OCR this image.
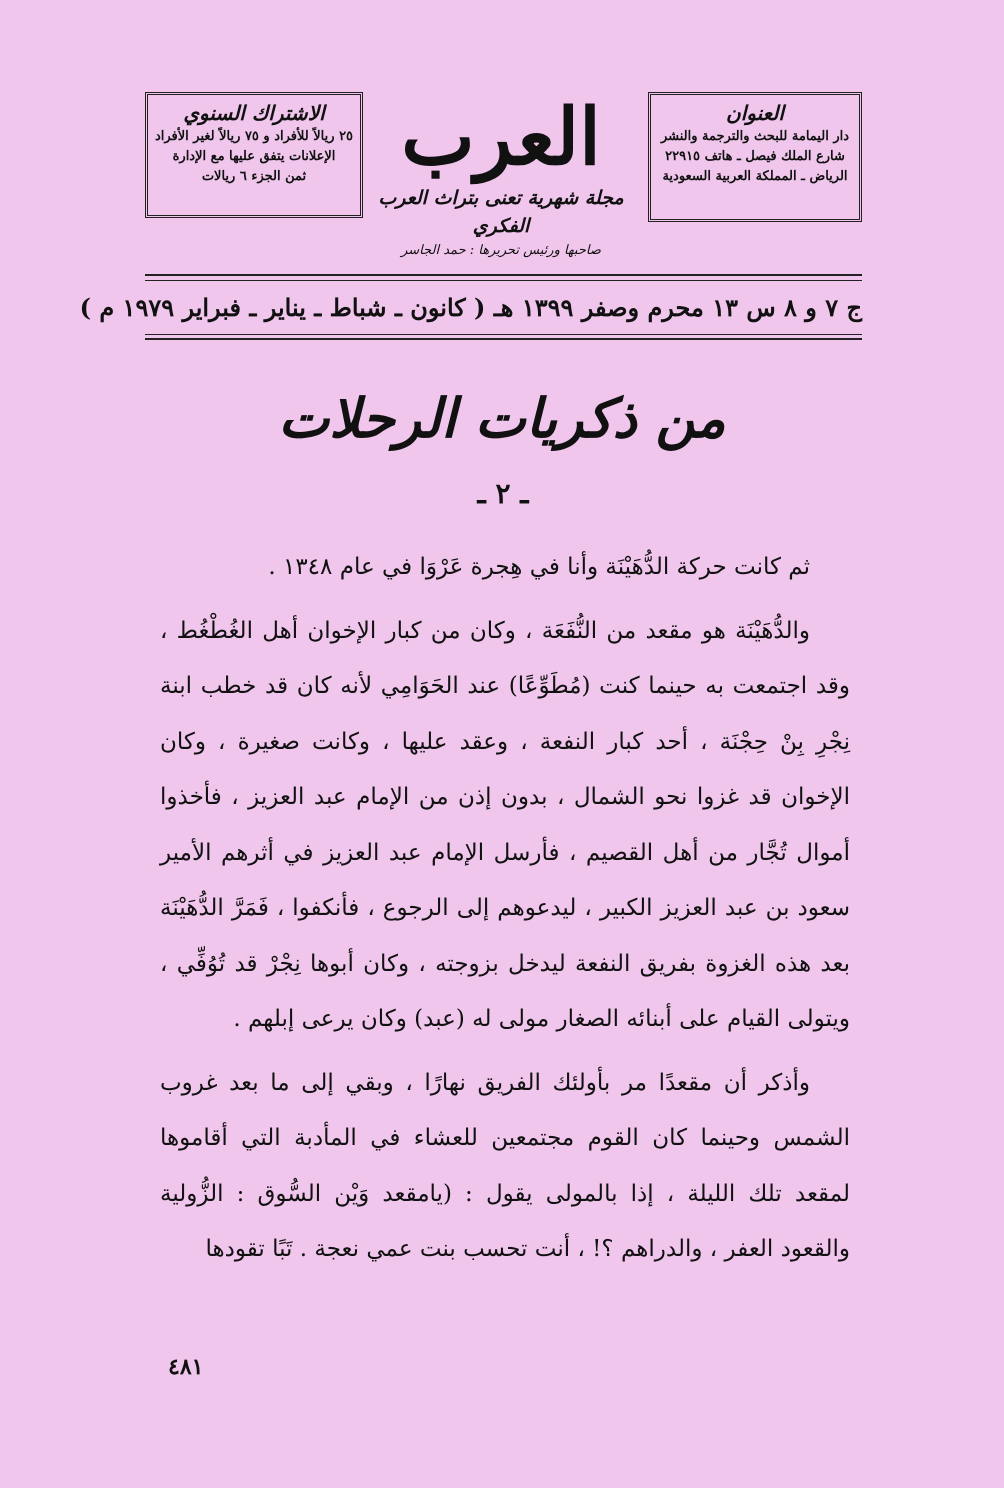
العنوان
دار اليمامة للبحث والترجمة والنشر
شارع الملك فيصل ـ هاتف ٢٢٩١٥
الرياض ـ المملكة العربية السعودية
العرب
مجلة شهرية تعنى بتراث العرب الفكري
صاحبها ورئيس تحريرها : حمد الجاسر
الاشتراك السنوي
٢٥ ريالاً للأفراد و ٧٥ ريالاً لغير الأفراد
الإعلانات يتفق عليها مع الإدارة
ثمن الجزء ٦ ريالات
ج ٧ و ٨ س ١٣ محرم وصفر ١٣٩٩ هـ ( كانون ـ شباط ـ يناير ـ فبراير ١٩٧٩ م )
من ذكريات الرحلات
ـ ٢ ـ

ثم كانت حركة الدُّهَيْنَة وأنا في هِجرة عَرْوَا في عام ١٣٤٨ .

والدُّهَيْنَة هو مقعد من النُّفَعَة ، وكان من كبار الإخوان أهل الغُطْغُط ، وقد اجتمعت به حينما كنت (مُطَوِّعًا) عند الحَوَامِي لأنه كان قد خطب ابنة نِجْرِ بِنْ حِجْنَة ، أحد كبار النفعة ، وعقد عليها ، وكانت صغيرة ، وكان الإخوان قد غزوا نحو الشمال ، بدون إذن من الإمام عبد العزيز ، فأخذوا أموال تُجَّار من أهل القصيم ، فأرسل الإمام عبد العزيز في أثرهم الأمير سعود بن عبد العزيز الكبير ، ليدعوهم إلى الرجوع ، فأنكفوا ، فَمَرَّ الدُّهَيْنَة بعد هذه الغزوة بفريق النفعة ليدخل بزوجته ، وكان أبوها نِجْرْ قد تُوُفِّي ، ويتولى القيام على أبنائه الصغار مولى له (عبد) وكان يرعى إبلهم .

وأذكر أن مقعدًا مر بأولئك الفريق نهارًا ، وبقي إلى ما بعد غروب الشمس وحينما كان القوم مجتمعين للعشاء في المأدبة التي أقاموها لمقعد تلك الليلة ، إذا بالمولى يقول : (يامقعد وَيْن السُّوق : الزُّولية والقعود العفر ، والدراهم ؟! ، أنت تحسب بنت عمي نعجة . تَبًا تقودها

٤٨١
